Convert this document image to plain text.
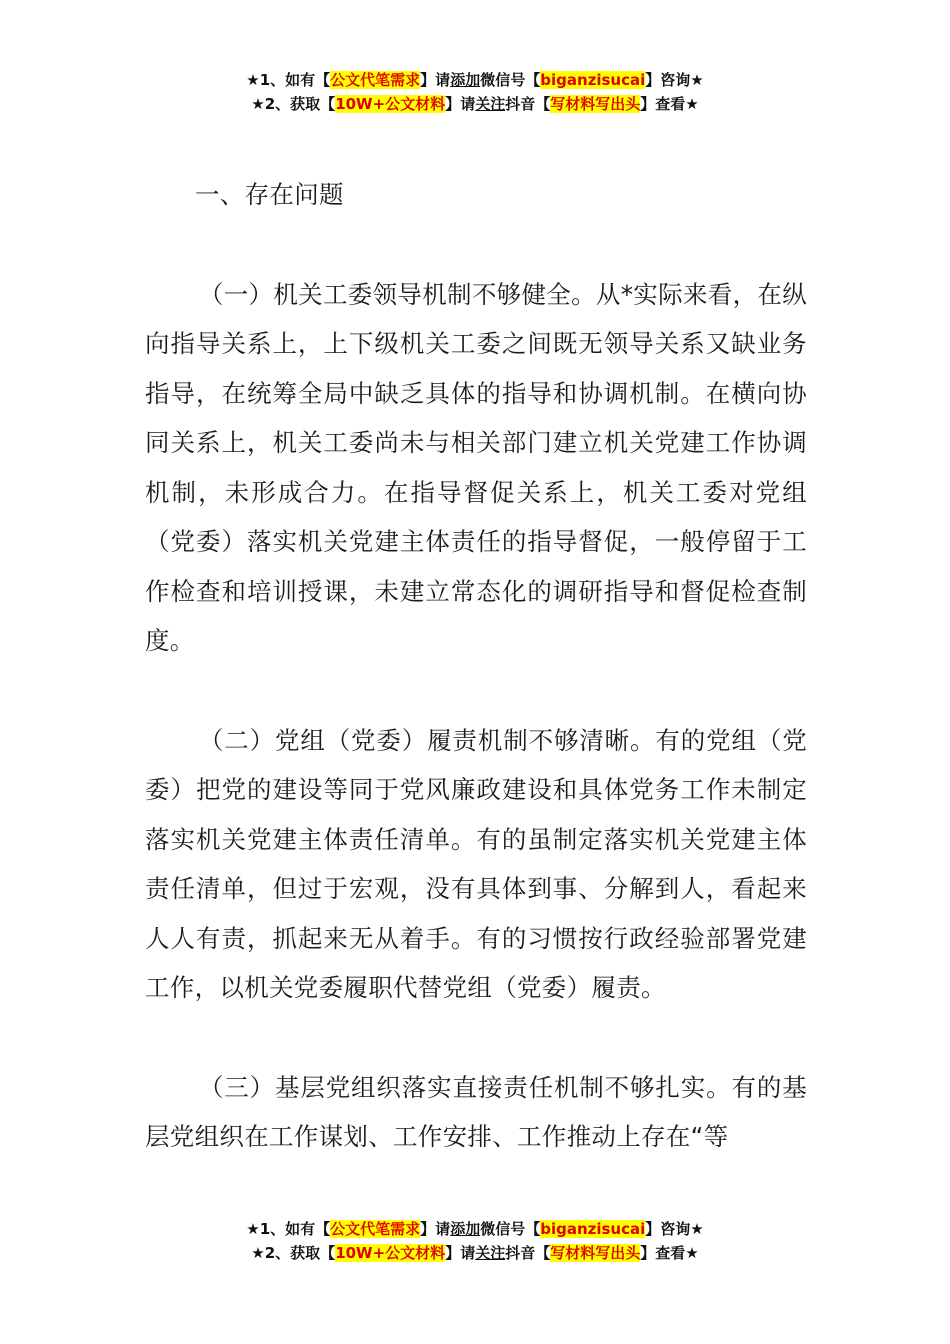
★1、如有【公文代笔需求】请添加微信号【biganzisucai】咨询★
★2、获取【10W+公文材料】请关注抖音【写材料写出头】查看★

一、存在问题

（一）机关工委领导机制不够健全。从*实际来看，在纵向指导关系上，上下级机关工委之间既无领导关系又缺业务指导，在统筹全局中缺乏具体的指导和协调机制。在横向协同关系上，机关工委尚未与相关部门建立机关党建工作协调机制，未形成合力。在指导督促关系上，机关工委对党组（党委）落实机关党建主体责任的指导督促，一般停留于工作检查和培训授课，未建立常态化的调研指导和督促检查制度。

（二）党组（党委）履责机制不够清晰。有的党组（党委）把党的建设等同于党风廉政建设和具体党务工作未制定落实机关党建主体责任清单。有的虽制定落实机关党建主体责任清单，但过于宏观，没有具体到事、分解到人，看起来人人有责，抓起来无从着手。有的习惯按行政经验部署党建工作，以机关党委履职代替党组（党委）履责。

（三）基层党组织落实直接责任机制不够扎实。有的基层党组织在工作谋划、工作安排、工作推动上存在“等

★1、如有【公文代笔需求】请添加微信号【biganzisucai】咨询★
★2、获取【10W+公文材料】请关注抖音【写材料写出头】查看★
